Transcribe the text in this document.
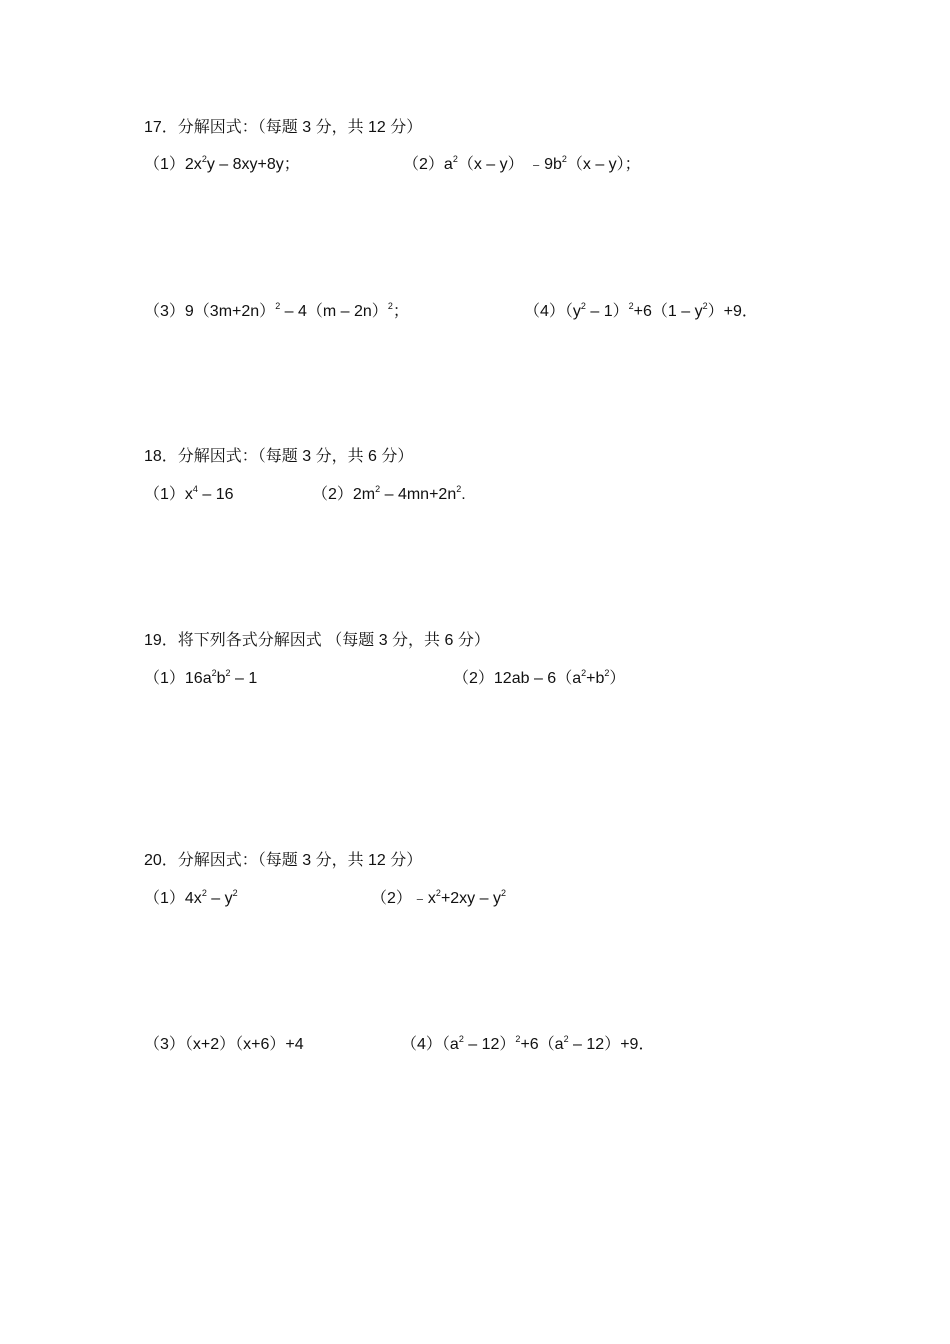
17．分解因式：（每题 3 分，共 12 分）
$(1)2x^2y - 8xy+8y$；	$(2)a^2(x - y)$ $﹣9b^2(x - y)$；
$(3)9(3m+2n)^2 - 4(m - 2n)^2$；	$(4)(y^2 - 1)^2+6(1 - y^2)+9$．
18．分解因式：（每题 3 分，共 6 分）
$(1)x^4 - 16$	$(2)2m^2 - 4mn+2n^2$.
19．将下列各式分解因式 （每题 3 分，共 6 分）
$(1)16a^2b^2 - 1$	$(2)12ab - 6(a^2+b^2)$
20．分解因式：（每题 3 分，共 12 分）
$(1)4x^2 - y^2$	$(2)﹣x^2+2xy - y^2$
（3）（x+2）（x+6）+4	$(4)(a^2 - 12)^2+6(a^2 - 12)+9$．
